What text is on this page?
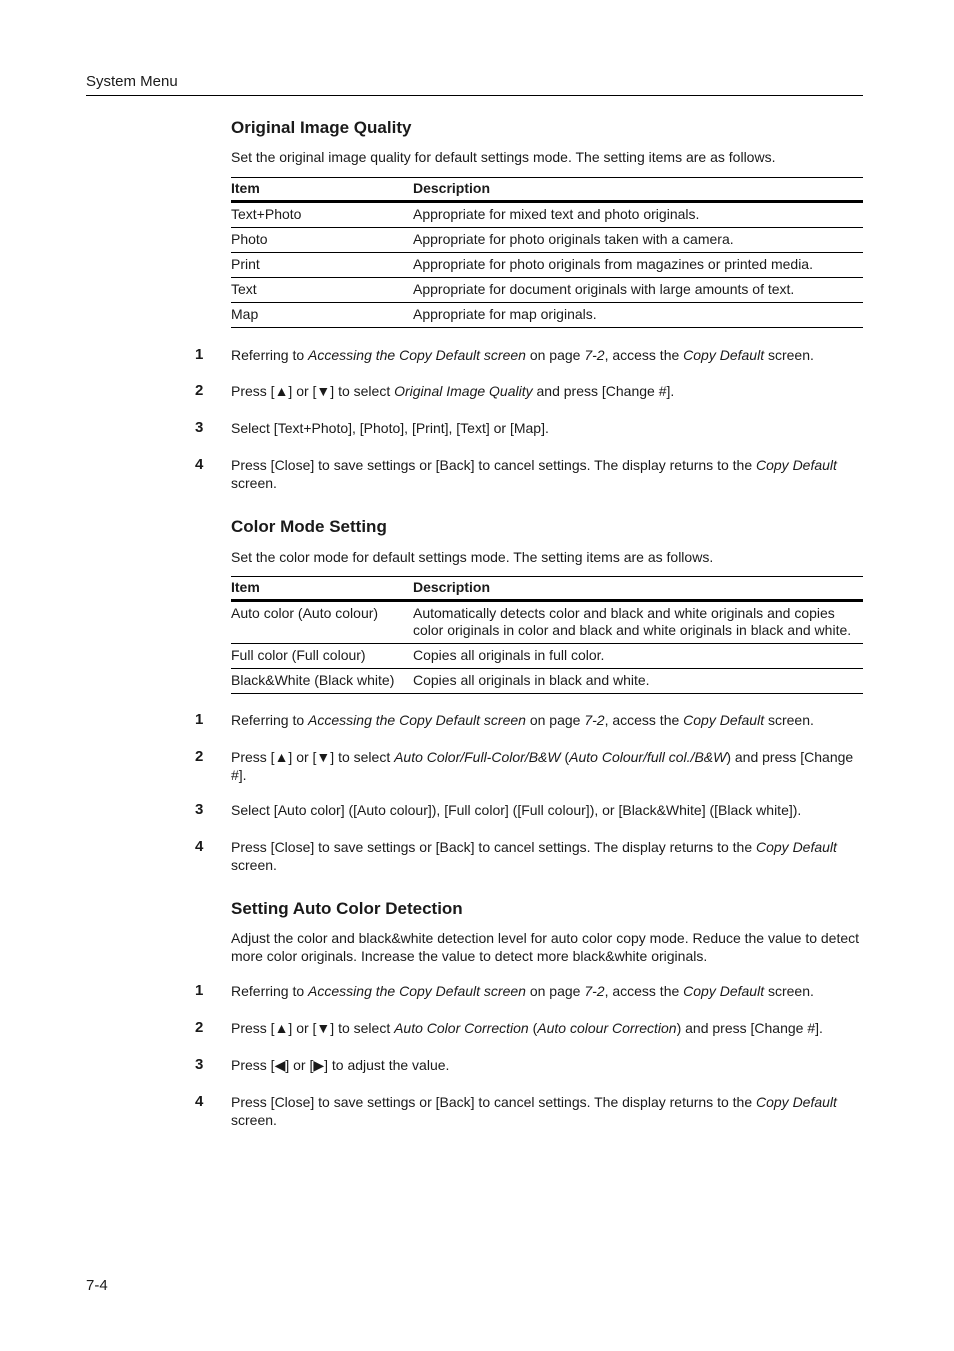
System Menu
Original Image Quality
Set the original image quality for default settings mode. The setting items are as follows.
Item	Description
Text+Photo	Appropriate for mixed text and photo originals.
Photo	Appropriate for photo originals taken with a camera.
Print	Appropriate for photo originals from magazines or printed media.
Text	Appropriate for document originals with large amounts of text.
Map	Appropriate for map originals.
1 Referring to Accessing the Copy Default screen on page 7-2, access the Copy Default screen.
2 Press [▲] or [▼] to select Original Image Quality and press [Change #].
3 Select [Text+Photo], [Photo], [Print], [Text] or [Map].
4 Press [Close] to save settings or [Back] to cancel settings. The display returns to the Copy Default screen.
Color Mode Setting
Set the color mode for default settings mode. The setting items are as follows.
Item	Description
Auto color (Auto colour)	Automatically detects color and black and white originals and copies color originals in color and black and white originals in black and white.
Full color (Full colour)	Copies all originals in full color.
Black&White (Black white)	Copies all originals in black and white.
1 Referring to Accessing the Copy Default screen on page 7-2, access the Copy Default screen.
2 Press [▲] or [▼] to select Auto Color/Full-Color/B&W (Auto Colour/full col./B&W) and press [Change #].
3 Select [Auto color] ([Auto colour]), [Full color] ([Full colour]), or [Black&White] ([Black white]).
4 Press [Close] to save settings or [Back] to cancel settings. The display returns to the Copy Default screen.
Setting Auto Color Detection
Adjust the color and black&white detection level for auto color copy mode. Reduce the value to detect more color originals. Increase the value to detect more black&white originals.
1 Referring to Accessing the Copy Default screen on page 7-2, access the Copy Default screen.
2 Press [▲] or [▼] to select Auto Color Correction (Auto colour Correction) and press [Change #].
3 Press [◀] or [▶] to adjust the value.
4 Press [Close] to save settings or [Back] to cancel settings. The display returns to the Copy Default screen.
7-4
